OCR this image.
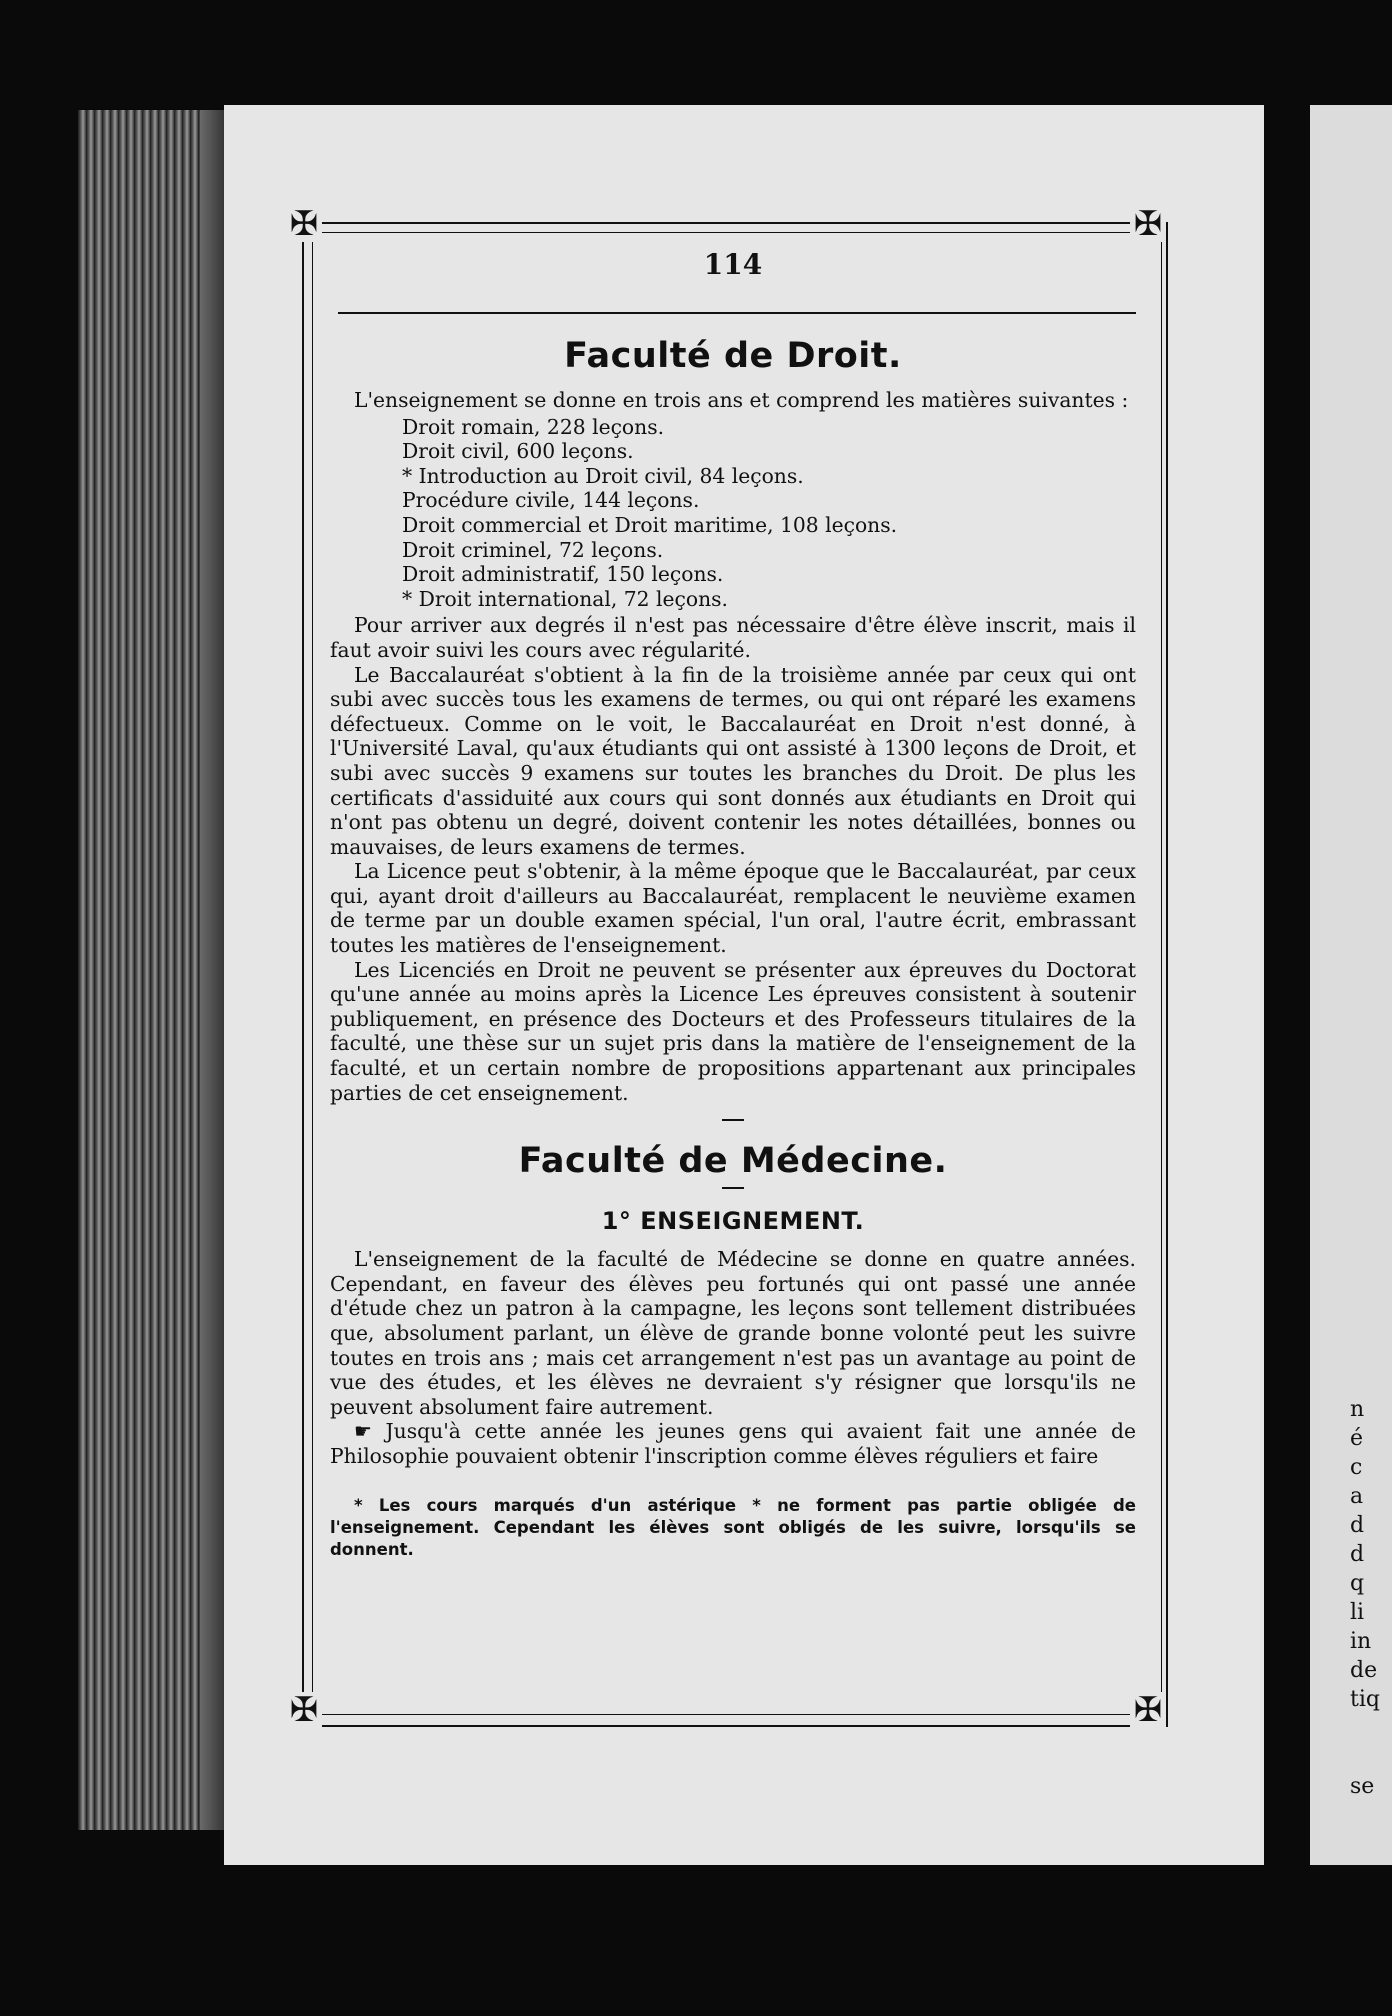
n
é
c
a
d
d
q
li
in
de
tiq
se
✠	✠
✠	✠
114
Faculté de Droit.

L'enseignement se donne en trois ans et comprend les matières suivantes :

Droit romain, 228 leçons.
Droit civil, 600 leçons.
* Introduction au Droit civil, 84 leçons.
Procédure civile, 144 leçons.
Droit commercial et Droit maritime, 108 leçons.
Droit criminel, 72 leçons.
Droit administratif, 150 leçons.
* Droit international, 72 leçons.

Pour arriver aux degrés il n'est pas nécessaire d'être élève inscrit, mais il faut avoir suivi les cours avec régularité.

Le Baccalauréat s'obtient à la fin de la troisième année par ceux qui ont subi avec succès tous les examens de termes, ou qui ont réparé les examens défectueux. Comme on le voit, le Baccalauréat en Droit n'est donné, à l'Université Laval, qu'aux étudiants qui ont assisté à 1300 leçons de Droit, et subi avec succès 9 examens sur toutes les branches du Droit. De plus les certificats d'assiduité aux cours qui sont donnés aux étudiants en Droit qui n'ont pas obtenu un degré, doivent contenir les notes détaillées, bonnes ou mauvaises, de leurs examens de termes.

La Licence peut s'obtenir, à la même époque que le Baccalauréat, par ceux qui, ayant droit d'ailleurs au Baccalauréat, remplacent le neuvième examen de terme par un double examen spécial, l'un oral, l'autre écrit, embrassant toutes les matières de l'enseignement.

Les Licenciés en Droit ne peuvent se présenter aux épreuves du Doctorat qu'une année au moins après la Licence Les épreuves consistent à soutenir publiquement, en présence des Docteurs et des Professeurs titulaires de la faculté, une thèse sur un sujet pris dans la matière de l'enseignement de la faculté, et un certain nombre de propositions appartenant aux principales parties de cet enseignement.

Faculté de Médecine.
1° ENSEIGNEMENT.

L'enseignement de la faculté de Médecine se donne en quatre années. Cependant, en faveur des élèves peu fortunés qui ont passé une année d'étude chez un patron à la campagne, les leçons sont tellement distribuées que, absolument parlant, un élève de grande bonne volonté peut les suivre toutes en trois ans ; mais cet arrangement n'est pas un avantage au point de vue des études, et les élèves ne devraient s'y résigner que lorsqu'ils ne peuvent absolument faire autrement.

☛ Jusqu'à cette année les jeunes gens qui avaient fait une année de Philosophie pouvaient obtenir l'inscription comme élèves réguliers et faire

* Les cours marqués d'un astérique * ne forment pas partie obligée de l'enseignement. Cependant les élèves sont obligés de les suivre, lorsqu'ils se donnent.
